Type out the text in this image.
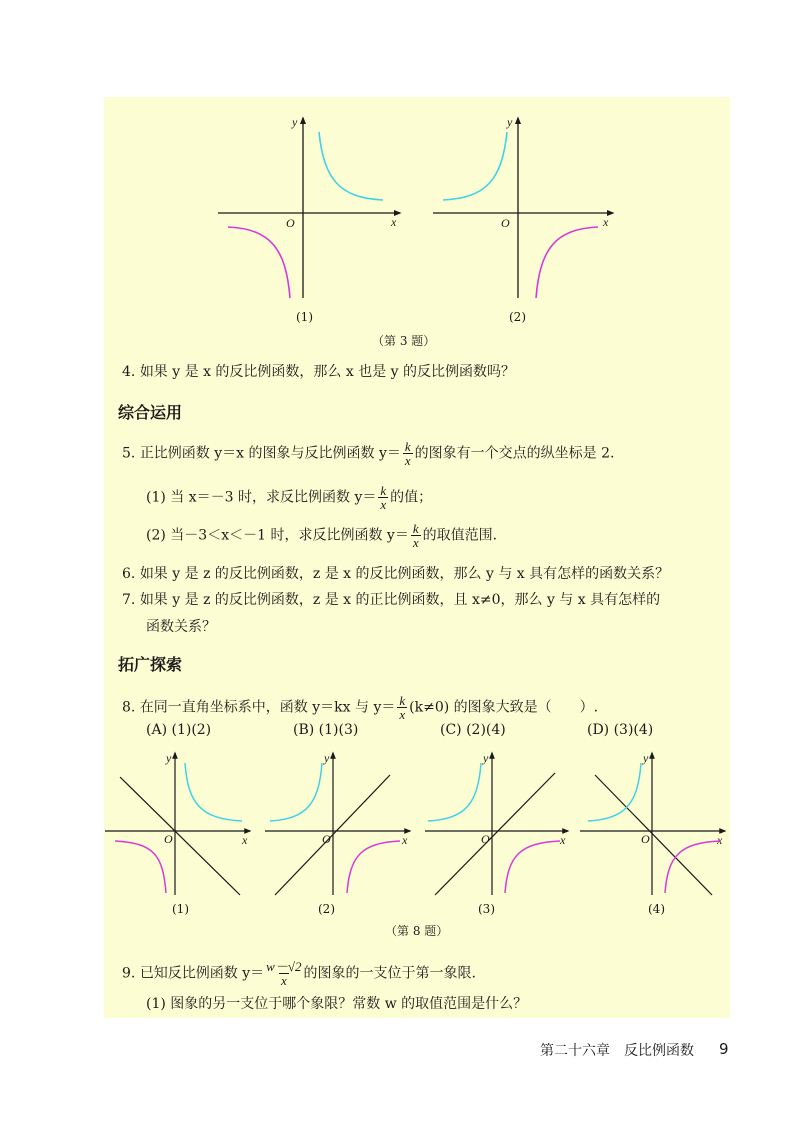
x
y
O	x
y
O
(1)	(2)
（第 3 题）
4. 如果 y 是 x 的反比例函数，那么 x 也是 y 的反比例函数吗？
综合运用
5. 正比例函数 y＝x 的图象与反比例函数 $y= \frac{k}{x}$ 的图象有一个交点的纵坐标是 2.
(1) 当 x＝－3 时，求反比例函数 $y= \frac{k}{x}$ 的值；
(2) 当－3＜x＜－1 时，求反比例函数 $y= \frac{k}{x}$ 的取值范围.
6. 如果 y 是 z 的反比例函数，z 是 x 的反比例函数，那么 y 与 x 具有怎样的函数关系？
7. 如果 y 是 z 的反比例函数，z 是 x 的正比例函数，且 x≠0，那么 y 与 x 具有怎样的
函数关系？
拓广探索
8. 在同一直角坐标系中，函数 y＝kx 与 $y= \frac{k}{x} (k\ne 0)$ 的图象大致是（　　）.
(A) (1)(2)	(B) (1)(3)	(C) (2)(4)	(D) (3)(4)
x
y
O	x
y
O	x
y
O	x
y
O
(1)	(2)	(3)	(4)
（第 8 题）
9. 已知反比例函数 $y= \frac{w-√2}{x}$ 的图象的一支位于第一象限.
(1) 图象的另一支位于哪个象限？常数 w 的取值范围是什么？
第二十六章　反比例函数 9
